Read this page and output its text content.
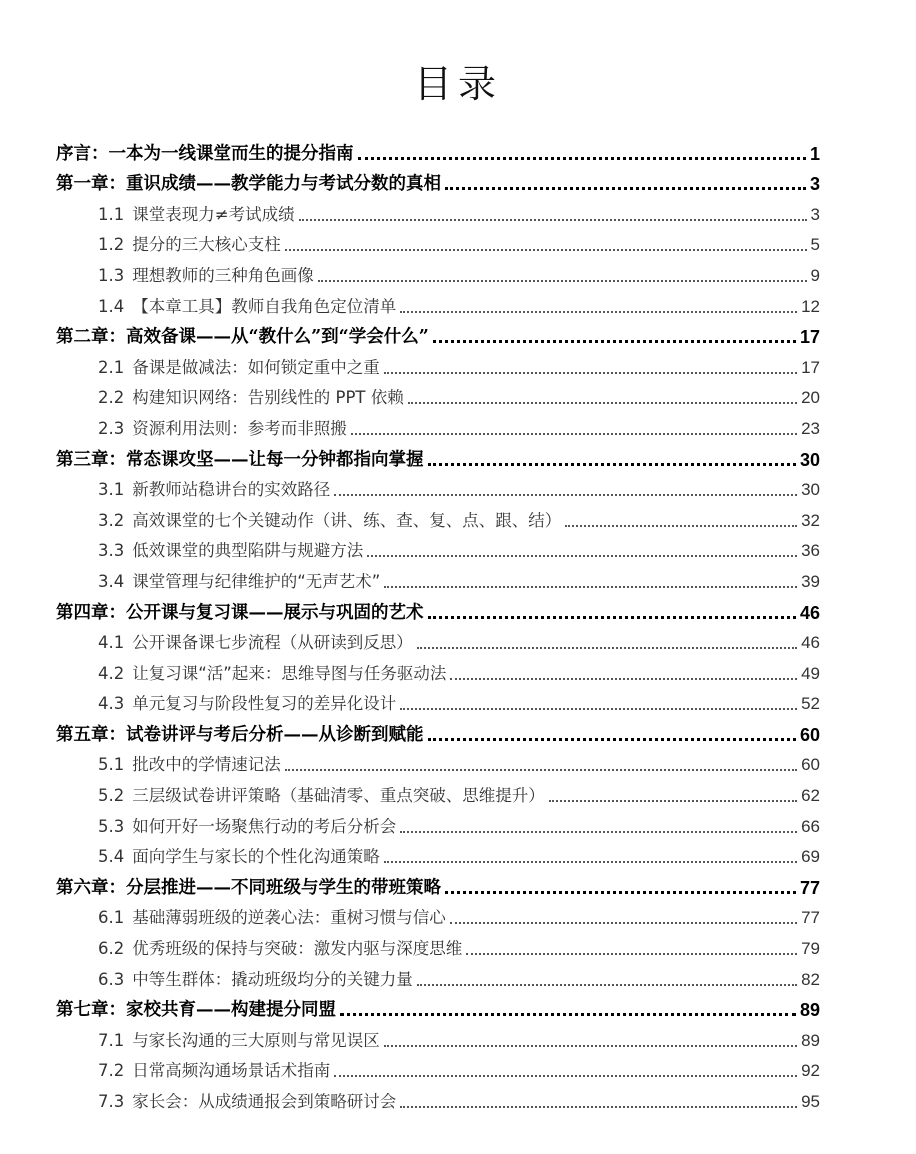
目录
序言：一本为一线课堂而生的提分指南	1
第一章：重识成绩——教学能力与考试分数的真相	3
1.1 课堂表现力≠考试成绩	3
1.2 提分的三大核心支柱	5
1.3 理想教师的三种角色画像	9
1.4 【本章工具】教师自我角色定位清单	12
第二章：高效备课——从“教什么”到“学会什么”	17
2.1 备课是做减法：如何锁定重中之重	17
2.2 构建知识网络：告别线性的 PPT 依赖	20
2.3 资源利用法则：参考而非照搬	23
第三章：常态课攻坚——让每一分钟都指向掌握	30
3.1 新教师站稳讲台的实效路径	30
3.2 高效课堂的七个关键动作（讲、练、查、复、点、跟、结）	32
3.3 低效课堂的典型陷阱与规避方法	36
3.4 课堂管理与纪律维护的“无声艺术”	39
第四章：公开课与复习课——展示与巩固的艺术	46
4.1 公开课备课七步流程（从研读到反思）	46
4.2 让复习课“活”起来：思维导图与任务驱动法	49
4.3 单元复习与阶段性复习的差异化设计	52
第五章：试卷讲评与考后分析——从诊断到赋能	60
5.1 批改中的学情速记法	60
5.2 三层级试卷讲评策略（基础清零、重点突破、思维提升）	62
5.3 如何开好一场聚焦行动的考后分析会	66
5.4 面向学生与家长的个性化沟通策略	69
第六章：分层推进——不同班级与学生的带班策略	77
6.1 基础薄弱班级的逆袭心法：重树习惯与信心	77
6.2 优秀班级的保持与突破：激发内驱与深度思维	79
6.3 中等生群体：撬动班级均分的关键力量	82
第七章：家校共育——构建提分同盟	89
7.1 与家长沟通的三大原则与常见误区	89
7.2 日常高频沟通场景话术指南	92
7.3 家长会：从成绩通报会到策略研讨会	95
